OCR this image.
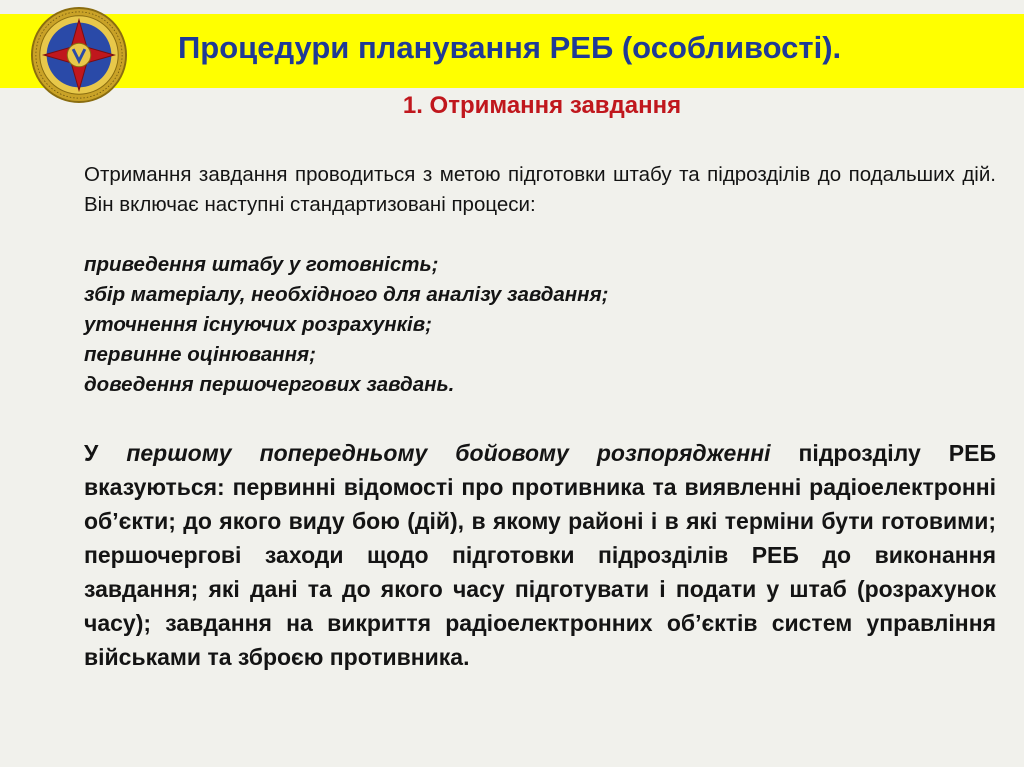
Процедури планування РЕБ (особливості).
1. Отримання завдання
Отримання завдання проводиться з метою підготовки штабу та підрозділів до подальших дій. Він включає наступні стандартизовані процеси:
приведення штабу у готовність;
збір матеріалу, необхідного для аналізу завдання;
уточнення існуючих розрахунків;
первинне оцінювання;
доведення першочергових завдань.
У першому попередньому бойовому розпорядженні підрозділу РЕБ вказуються: первинні відомості про противника та виявленні радіоелектронні об’єкти; до якого виду бою (дій), в якому районі і в які терміни бути готовими; першочергові заходи щодо підготовки підрозділів РЕБ до виконання завдання; які дані та до якого часу підготувати і подати у штаб (розрахунок часу); завдання на викриття радіоелектронних об’єктів систем управління військами та зброєю противника.
